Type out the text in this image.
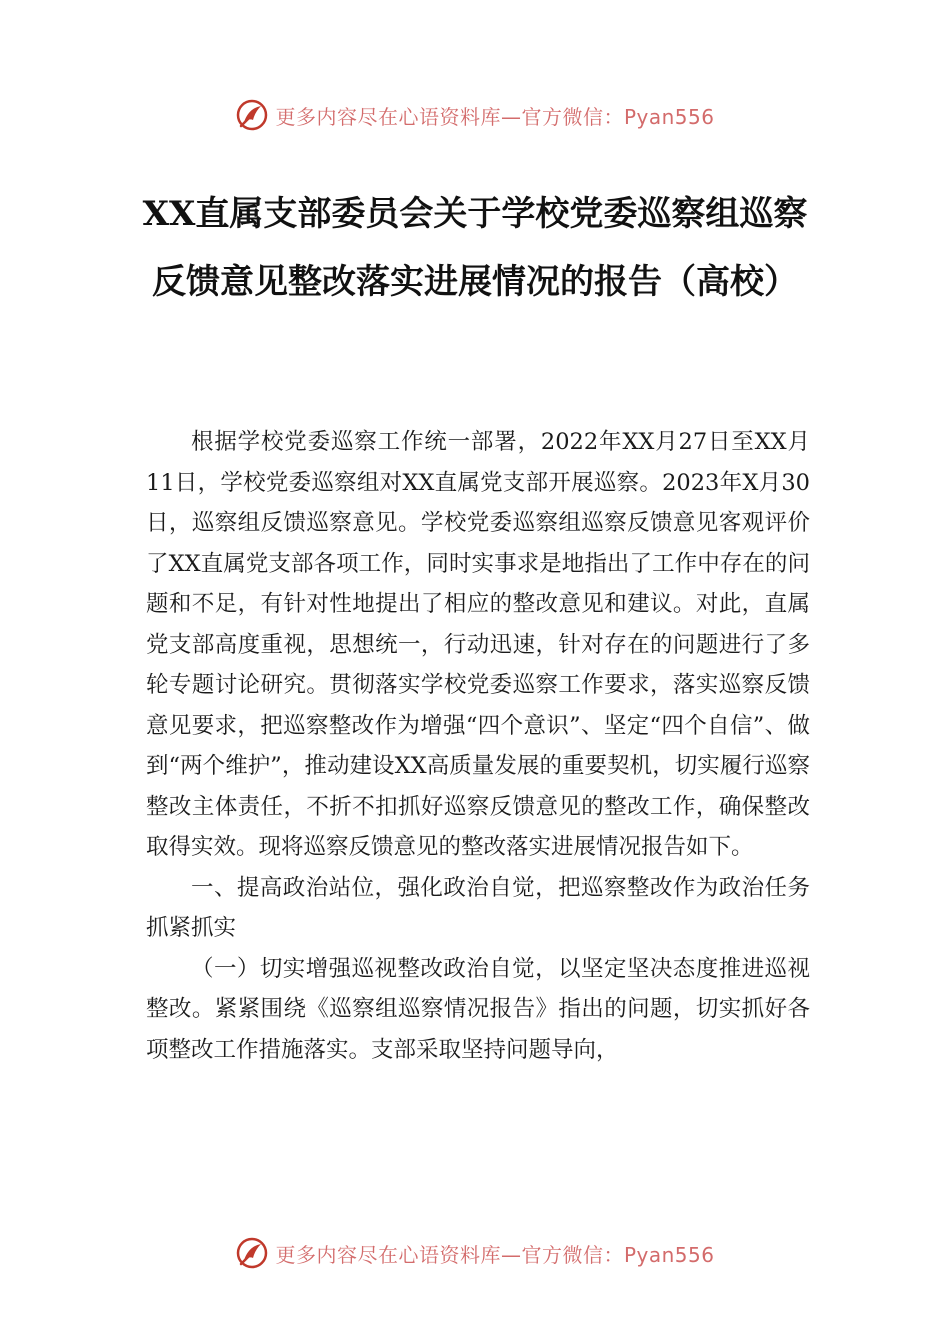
更多内容尽在心语资料库—官方微信：Pyan556
XX直属支部委员会关于学校党委巡察组巡察反馈意见整改落实进展情况的报告（高校）

根据学校党委巡察工作统一部署，2022年XX月27日至XX月11日，学校党委巡察组对XX直属党支部开展巡察。2023年X月30日，巡察组反馈巡察意见。学校党委巡察组巡察反馈意见客观评价了XX直属党支部各项工作，同时实事求是地指出了工作中存在的问题和不足，有针对性地提出了相应的整改意见和建议。对此，直属党支部高度重视，思想统一，行动迅速，针对存在的问题进行了多轮专题讨论研究。贯彻落实学校党委巡察工作要求，落实巡察反馈意见要求，把巡察整改作为增强“四个意识”、坚定“四个自信”、做到“两个维护”，推动建设XX高质量发展的重要契机，切实履行巡察整改主体责任，不折不扣抓好巡察反馈意见的整改工作，确保整改取得实效。现将巡察反馈意见的整改落实进展情况报告如下。

一、提高政治站位，强化政治自觉，把巡察整改作为政治任务抓紧抓实

（一）切实增强巡视整改政治自觉，以坚定坚决态度推进巡视整改。紧紧围绕《巡察组巡察情况报告》指出的问题，切实抓好各项整改工作措施落实。支部采取坚持问题导向，

更多内容尽在心语资料库—官方微信：Pyan556
